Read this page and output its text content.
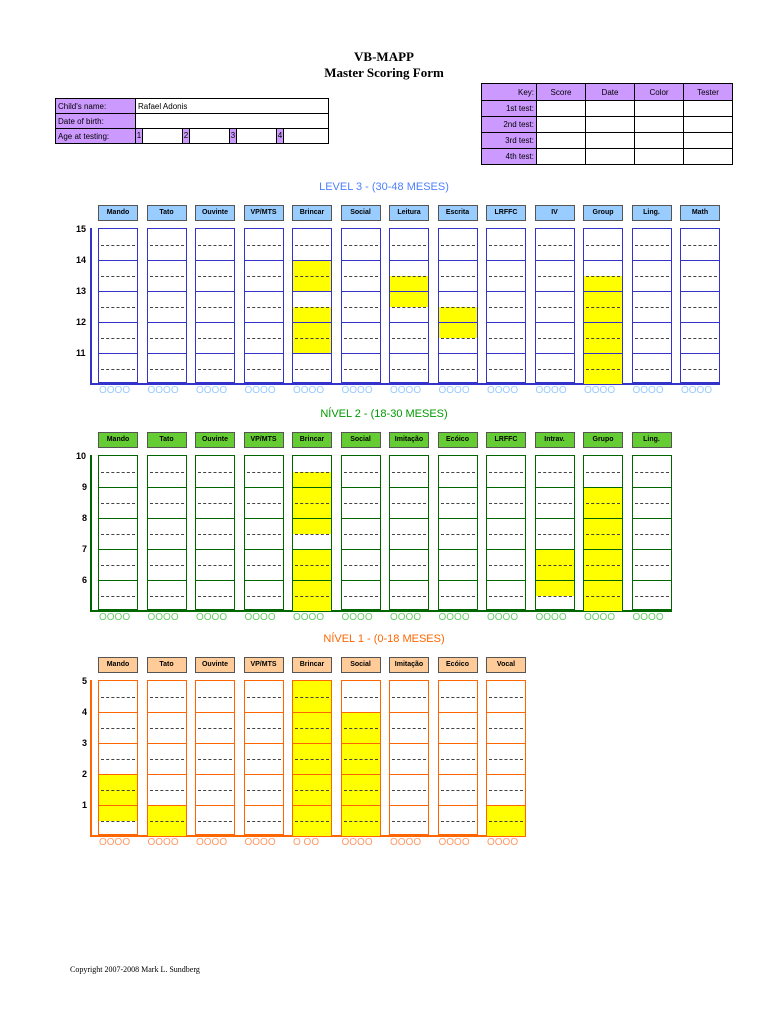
VB-MAPP
Master Scoring Form
Child's name:	Rafael Adonis
Date of birth:	
Age at testing:	1 2 3 4
Key:	Score	Date	Color	Tester
1st test:				
2nd test:				
3rd test:				
4th test:				
LEVEL 3 - (30-48 MESES)
15
14
13
12
11
Mando
OOOO
Tato
OOOO
Ouvinte
OOOO
VP/MTS
OOOO
Brincar
OOOO
Social
OOOO
Leitura
OOOO
Escrita
OOOO
LRFFC
OOOO
IV
OOOO
Group
OOOO
Ling.
OOOO
Math
OOOO
NÍVEL 2 - (18-30 MESES)
10
9
8
7
6
Mando
OOOO
Tato
OOOO
Ouvinte
OOOO
VP/MTS
OOOO
Brincar
OOOO
Social
OOOO
Imitação
OOOO
Ecóico
OOOO
LRFFC
OOOO
Intrav.
OOOO
Grupo
OOOO
Ling.
OOOO
NÍVEL 1 - (0-18 MESES)
5
4
3
2
1
Mando
OOOO
Tato
OOOO
Ouvinte
OOOO
VP/MTS
OOOO
Brincar
O OO
Social
OOOO
Imitação
OOOO
Ecóico
OOOO
Vocal
OOOO
Copyright 2007-2008 Mark L. Sundberg
